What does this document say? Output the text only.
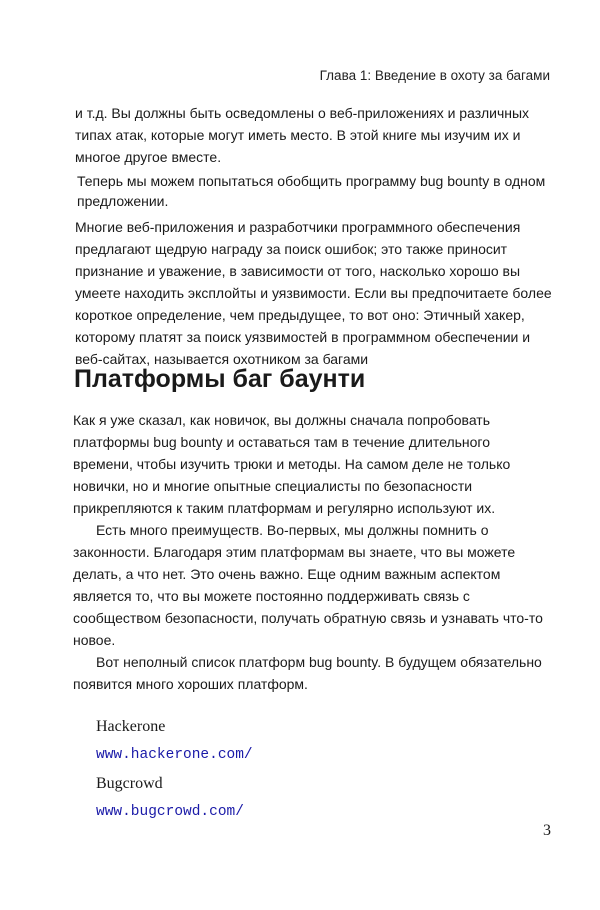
Глава 1: Введение в охоту за багами

и т.д. Вы должны быть осведомлены о веб-приложениях и различных типах атак, которые могут иметь место. В этой книге мы изучим их и многое другое вместе.

Теперь мы можем попытаться обобщить программу bug bounty в одном предложении.

Многие веб-приложения и разработчики программного обеспечения предлагают щедрую награду за поиск ошибок; это также приносит признание и уважение, в зависимости от того, насколько хорошо вы умеете находить эксплойты и уязвимости. Если вы предпочитаете более короткое определение, чем предыдущее, то вот оно: Этичный хакер, которому платят за поиск уязвимостей в программном обеспечении и веб-сайтах, называется охотником за багами

Платформы баг баунти

Как я уже сказал, как новичок, вы должны сначала попробовать платформы bug bounty и оставаться там в течение длительного времени, чтобы изучить трюки и методы. На самом деле не только новички, но и многие опытные специалисты по безопасности прикрепляются к таким платформам и регулярно используют их.

Есть много преимуществ. Во-первых, мы должны помнить о законности. Благодаря этим платформам вы знаете, что вы можете делать, а что нет. Это очень важно. Еще одним важным аспектом является то, что вы можете постоянно поддерживать связь с сообществом безопасности, получать обратную связь и узнавать что-то новое.

Вот неполный список платформ bug bounty. В будущем обязательно появится много хороших платформ.

Hackerone
www.hackerone.com/
Bugcrowd
www.bugcrowd.com/
3
